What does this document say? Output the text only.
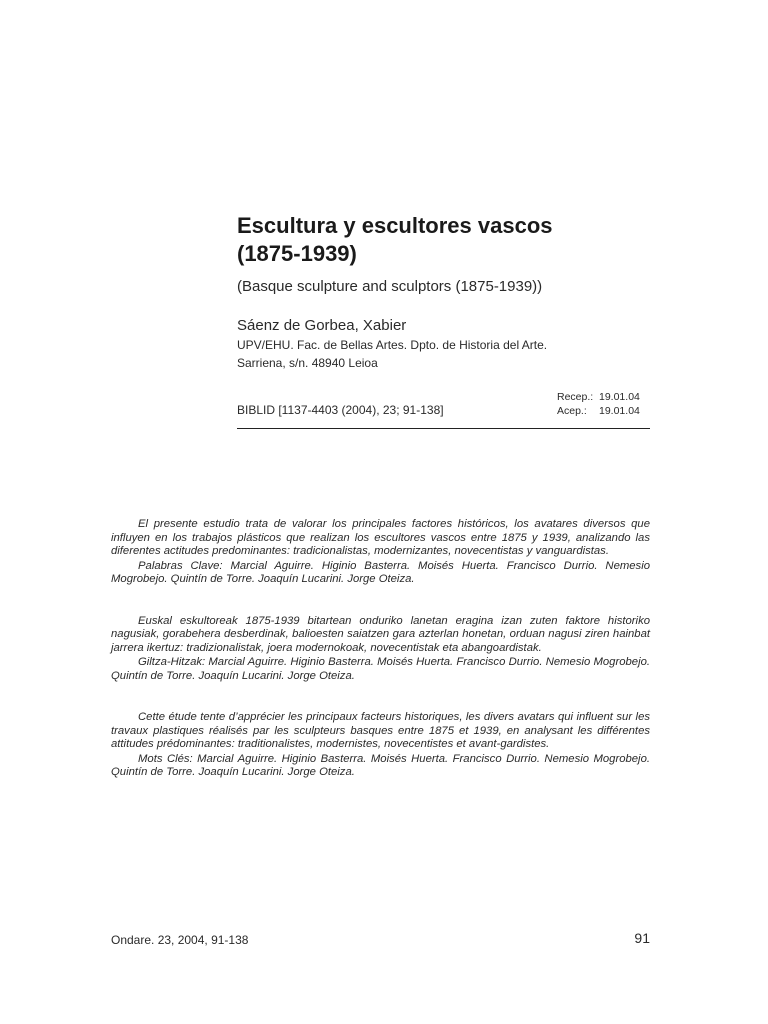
Escultura y escultores vascos
(1875-1939)

(Basque sculpture and sculptors (1875-1939))

Sáenz de Gorbea, Xabier

UPV/EHU. Fac. de Bellas Artes. Dpto. de Historia del Arte.

Sarriena, s/n. 48940 Leioa

BIBLID [1137-4403 (2004), 23; 91-138]
Recep.: 19.01.04
Acep.: 19.01.04

El presente estudio trata de valorar los principales factores históricos, los avatares diversos que influyen en los trabajos plásticos que realizan los escultores vascos entre 1875 y 1939, analizando las diferentes actitudes predominantes: tradicionalistas, modernizantes, novecentistas y vanguardistas.

Palabras Clave: Marcial Aguirre. Higinio Basterra. Moisés Huerta. Francisco Durrio. Nemesio Mogrobejo. Quintín de Torre. Joaquín Lucarini. Jorge Oteiza.

Euskal eskultoreak 1875-1939 bitartean onduriko lanetan eragina izan zuten faktore historiko nagusiak, gorabehera desberdinak, balioesten saiatzen gara azterlan honetan, orduan nagusi ziren hainbat jarrera ikertuz: tradizionalistak, joera modernokoak, novecentistak eta abangoardistak.

Giltza-Hitzak: Marcial Aguirre. Higinio Basterra. Moisés Huerta. Francisco Durrio. Nemesio Mogrobejo. Quintín de Torre. Joaquín Lucarini. Jorge Oteiza.

Cette étude tente d’apprécier les principaux facteurs historiques, les divers avatars qui influent sur les travaux plastiques réalisés par les sculpteurs basques entre 1875 et 1939, en analysant les différentes attitudes prédominantes: traditionalistes, modernistes, novecentistes et avant-gardistes.

Mots Clés: Marcial Aguirre. Higinio Basterra. Moisés Huerta. Francisco Durrio. Nemesio Mogrobejo. Quintín de Torre. Joaquín Lucarini. Jorge Oteiza.

Ondare. 23, 2004, 91-138	91
